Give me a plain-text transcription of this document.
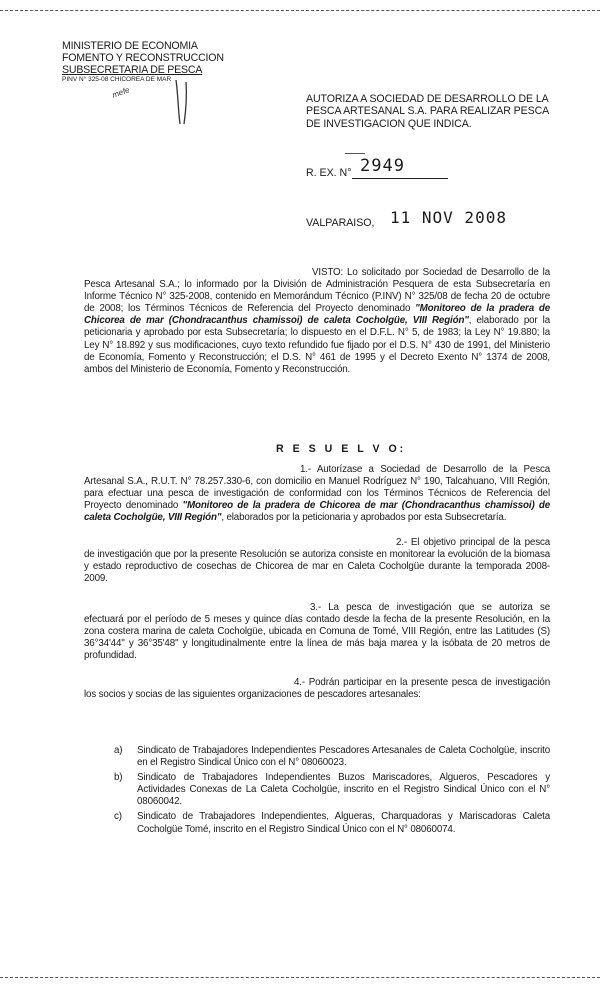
MINISTERIO DE ECONOMIA
FOMENTO Y RECONSTRUCCION
SUBSECRETARIA DE PESCA
PINV N° 325-08 CHICOREA DE MAR
mefe	AUTORIZA A SOCIEDAD DE DESARROLLO DE LA PESCA ARTESANAL S.A. PARA REALIZAR PESCA DE INVESTIGACION QUE INDICA.
R. EX. N° 2949
VALPARAISO, 11 NOV 2008
VISTO: Lo solicitado por Sociedad de Desarrollo de la Pesca Artesanal S.A.; lo informado por la División de Administración Pesquera de esta Subsecretaría en Informe Técnico N° 325-2008, contenido en Memorándum Técnico (P.INV) N° 325/08 de fecha 20 de octubre de 2008; los Términos Técnicos de Referencia del Proyecto denominado "Monitoreo de la pradera de Chicorea de mar (Chondracanthus chamissoi) de caleta Cocholgüe, VIII Región", elaborado por la peticionaria y aprobado por esta Subsecretaría; lo dispuesto en el D.F.L. N° 5, de 1983; la Ley N° 19.880; la Ley N° 18.892 y sus modificaciones, cuyo texto refundido fue fijado por el D.S. N° 430 de 1991, del Ministerio de Economía, Fomento y Reconstrucción; el D.S. N° 461 de 1995 y el Decreto Exento N° 1374 de 2008, ambos del Ministerio de Economía, Fomento y Reconstrucción.
R E S U E L V O:
1.- Autorízase a Sociedad de Desarrollo de la Pesca Artesanal S.A., R.U.T. N° 78.257.330-6, con domicilio en Manuel Rodríguez N° 190, Talcahuano, VIII Región, para efectuar una pesca de investigación de conformidad con los Términos Técnicos de Referencia del Proyecto denominado "Monitoreo de la pradera de Chicorea de mar (Chondracanthus chamissoi) de caleta Cocholgüe, VIII Región", elaborados por la peticionaria y aprobados por esta Subsecretaría.
2.- El objetivo principal de la pesca de investigación que por la presente Resolución se autoriza consiste en monitorear la evolución de la biomasa y estado reproductivo de cosechas de Chicorea de mar en Caleta Cocholgüe durante la temporada 2008-2009.
3.- La pesca de investigación que se autoriza se efectuará por el período de 5 meses y quince días contado desde la fecha de la presente Resolución, en la zona costera marina de caleta Cocholgüe, ubicada en Comuna de Tomé, VIII Región, entre las Latitudes (S) 36°34'44'' y 36°35'48'' y longitudinalmente entre la línea de más baja marea y la isóbata de 20 metros de profundidad.
4.- Podrán participar en la presente pesca de investigación los socios y socias de las siguientes organizaciones de pescadores artesanales:
a) Sindicato de Trabajadores Independientes Pescadores Artesanales de Caleta Cocholgüe, inscrito en el Registro Sindical Único con el N° 08060023.
b) Sindicato de Trabajadores Independientes Buzos Mariscadores, Algueros, Pescadores y Actividades Conexas de La Caleta Cocholgüe, inscrito en el Registro Sindical Único con el N° 08060042.
c) Sindicato de Trabajadores Independientes, Algueras, Charquadoras y Mariscadoras Caleta Cocholgüe Tomé, inscrito en el Registro Sindical Único con el N° 08060074.
